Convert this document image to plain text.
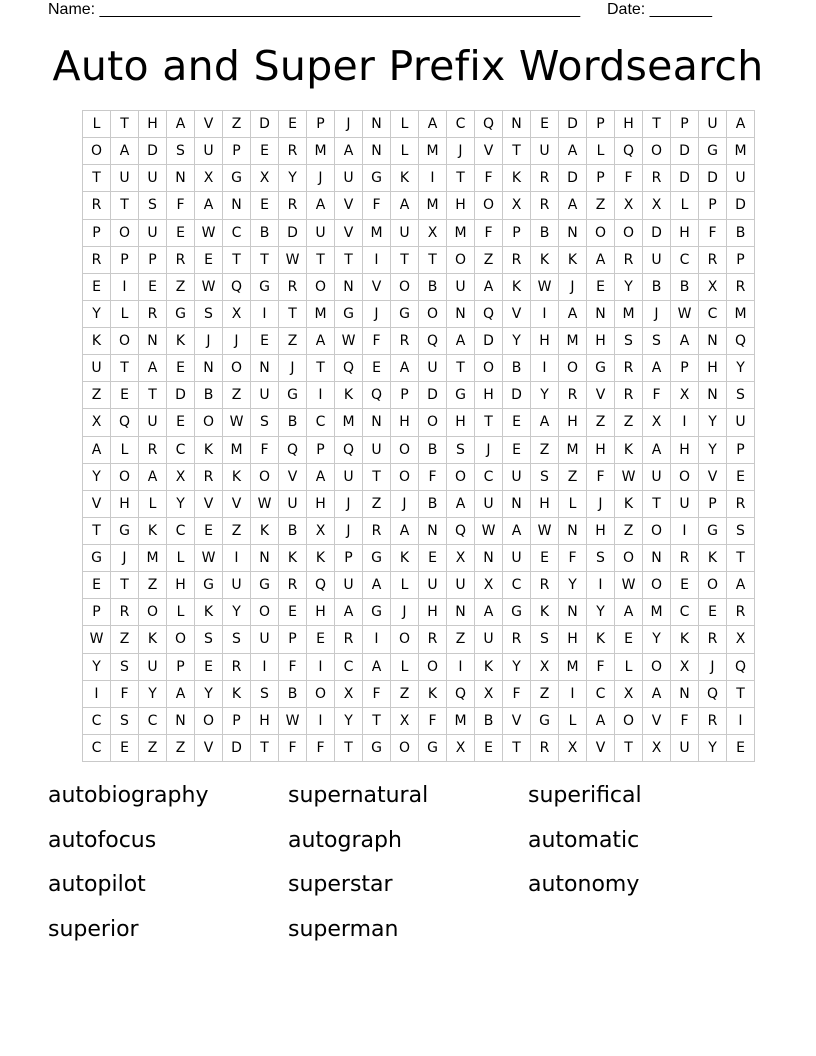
Name: ______________________________________________________ Date: _______
Auto and Super Prefix Wordsearch
L	T	H	A	V	Z	D	E	P	J	N	L	A	C	Q	N	E	D	P	H	T	P	U	A
O	A	D	S	U	P	E	R	M	A	N	L	M	J	V	T	U	A	L	Q	O	D	G	M
T	U	U	N	X	G	X	Y	J	U	G	K	I	T	F	K	R	D	P	F	R	D	D	U
R	T	S	F	A	N	E	R	A	V	F	A	M	H	O	X	R	A	Z	X	X	L	P	D
P	O	U	E	W	C	B	D	U	V	M	U	X	M	F	P	B	N	O	O	D	H	F	B
R	P	P	R	E	T	T	W	T	T	I	T	T	O	Z	R	K	K	A	R	U	C	R	P
E	I	E	Z	W	Q	G	R	O	N	V	O	B	U	A	K	W	J	E	Y	B	B	X	R
Y	L	R	G	S	X	I	T	M	G	J	G	O	N	Q	V	I	A	N	M	J	W	C	M
K	O	N	K	J	J	E	Z	A	W	F	R	Q	A	D	Y	H	M	H	S	S	A	N	Q
U	T	A	E	N	O	N	J	T	Q	E	A	U	T	O	B	I	O	G	R	A	P	H	Y
Z	E	T	D	B	Z	U	G	I	K	Q	P	D	G	H	D	Y	R	V	R	F	X	N	S
X	Q	U	E	O	W	S	B	C	M	N	H	O	H	T	E	A	H	Z	Z	X	I	Y	U
A	L	R	C	K	M	F	Q	P	Q	U	O	B	S	J	E	Z	M	H	K	A	H	Y	P
Y	O	A	X	R	K	O	V	A	U	T	O	F	O	C	U	S	Z	F	W	U	O	V	E
V	H	L	Y	V	V	W	U	H	J	Z	J	B	A	U	N	H	L	J	K	T	U	P	R
T	G	K	C	E	Z	K	B	X	J	R	A	N	Q	W	A	W	N	H	Z	O	I	G	S
G	J	M	L	W	I	N	K	K	P	G	K	E	X	N	U	E	F	S	O	N	R	K	T
E	T	Z	H	G	U	G	R	Q	U	A	L	U	U	X	C	R	Y	I	W	O	E	O	A
P	R	O	L	K	Y	O	E	H	A	G	J	H	N	A	G	K	N	Y	A	M	C	E	R
W	Z	K	O	S	S	U	P	E	R	I	O	R	Z	U	R	S	H	K	E	Y	K	R	X
Y	S	U	P	E	R	I	F	I	C	A	L	O	I	K	Y	X	M	F	L	O	X	J	Q
I	F	Y	A	Y	K	S	B	O	X	F	Z	K	Q	X	F	Z	I	C	X	A	N	Q	T
C	S	C	N	O	P	H	W	I	Y	T	X	F	M	B	V	G	L	A	O	V	F	R	I
C	E	Z	Z	V	D	T	F	F	T	G	O	G	X	E	T	R	X	V	T	X	U	Y	E
autobiography	supernatural	superifical
autofocus	autograph	automatic
autopilot	superstar	autonomy
superior	superman
